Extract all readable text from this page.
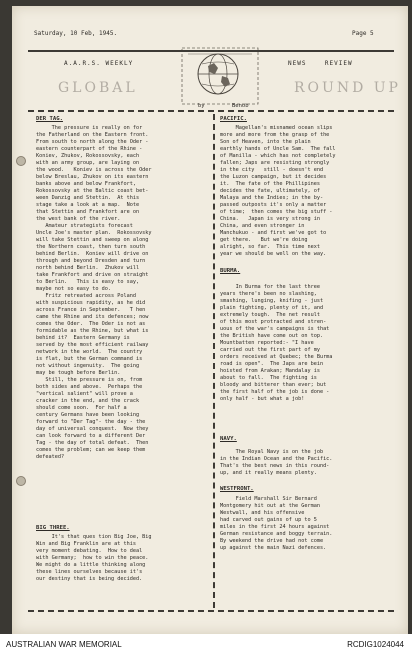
Saturday, 10 Feb, 1945.	Page 5
A.A.R.S. WEEKLY	NEWS    REVIEW
GLOBAL	ROUND UP
by	Benob
DER TAG.
The pressure is really on for
the Fatherland on the Eastern front.
From south to north along the Oder -
eastern counterpart of the Rhine -
Koniev, Zhukov, Rokossovsky, each
with an army group, are laying on
the wood.   Koniev is across the Oder
below Breslau, Zhukov on its eastern
banks above and below Frankfort,
Rokossovsky at the Baltic coast bet-
ween Danzig and Stettin.  At this
stage take a look at a map.  Note
that Stettin and Frankfort are on
the west bank of the river.
Amateur strategists forecast
Uncle Joe's master plan.  Rokossovsky
will take Stettin and sweep on along
the Northern coast, then turn south
behind Berlin.  Koniev will drive on
through and beyond Dresden and turn
north behind Berlin.  Zhukov will
take Frankfort and drive on straight
to Berlin.   This is easy to say,
maybe not so easy to do.
Fritz retreated across Poland
with suspicious rapidity, as he did
across France in September.   T hen
came the Rhine and its defences; now
comes the Oder.  The Oder is not as
formidable as the Rhine, but what is
behind it?  Eastern Germany is
served by the most efficient railway
network in the world.  The country
is flat, but the German command is
not without ingenuity.  The going
may be tough before Berlin.
Still, the pressure is on, from
both sides and above.  Perhaps the
"vertical salient" will prove a
cracker in the end, and the crack
should come soon.  For half a
century Germans have been looking
forward to "Der Tag"- the day - the
day of universal conquest.  Now they
can look forward to a different Der
Tag - the day of total defeat.  Then
comes the problem; can we keep them
defeated?
BIG THREE.
It's that ques tion Big Joe, Big
Win and Big Franklin are at this
very moment debating.  How to deal
with Germany;  how to win the peace.
We might do a little thinking along
these lines ourselves because it's
our destiny that is being decided.
PACIFIC.
Magellan's misnamed ocean slips
more and more from the grasp of the
Son of Heaven, into the plain
earthly hands of Uncle Sam.  The fall
of Manilla - which has not completely
fallen; Japs are resisting strongly
in the city   still - doesn't end
the Luzon campaign, but it decides
it.  The fate of the Phillipines
decides the fate, ultimately, of
Malaya and the Indies; in the by-
passed outposts it's only a matter
of time;  then comes the big stuff -
China.   Japan is very strong in
China, and even stronger in
Manchukuo - and first we've got to
get there.   But we're doing
alright, so far.  This time next
year we should be well on the way.
BURMA.
In Burma for the last three
years there's been no slashing,
smashing, lunging, knifing - just
plain fighting, plenty of it, and
extremely tough.  The net result
of this most protracted and stren-
uous of the war's campaigns is that
the British have come out on top.
Mountbatten reported:- "I have
carried out the first part of my
orders received at Quebec; the Burma
road is open".  The Japs are bein
hoisted from Arakan; Mandalay is
about to fall.  The fighting is
bloody and bitterer than ever; but
the first half of the job is done -
only half - but what a job!
NAVY.
The Royal Navy is on the job
in the Indian Ocean and the Pacific.
That's the best news in this round-
up, and it really means plenty.
WESTFRONT.
Field Marshall Sir Bernard
Montgomery hit out at the German
Westwall, and his offensive
had carved out gains of up to 5
miles in the first 24 hours against
German resistance and boggy terrain.
By weekend the drive had not come
up against the main Nazi defences.
AUSTRALIAN WAR MEMORIAL	RCDIG1024044
